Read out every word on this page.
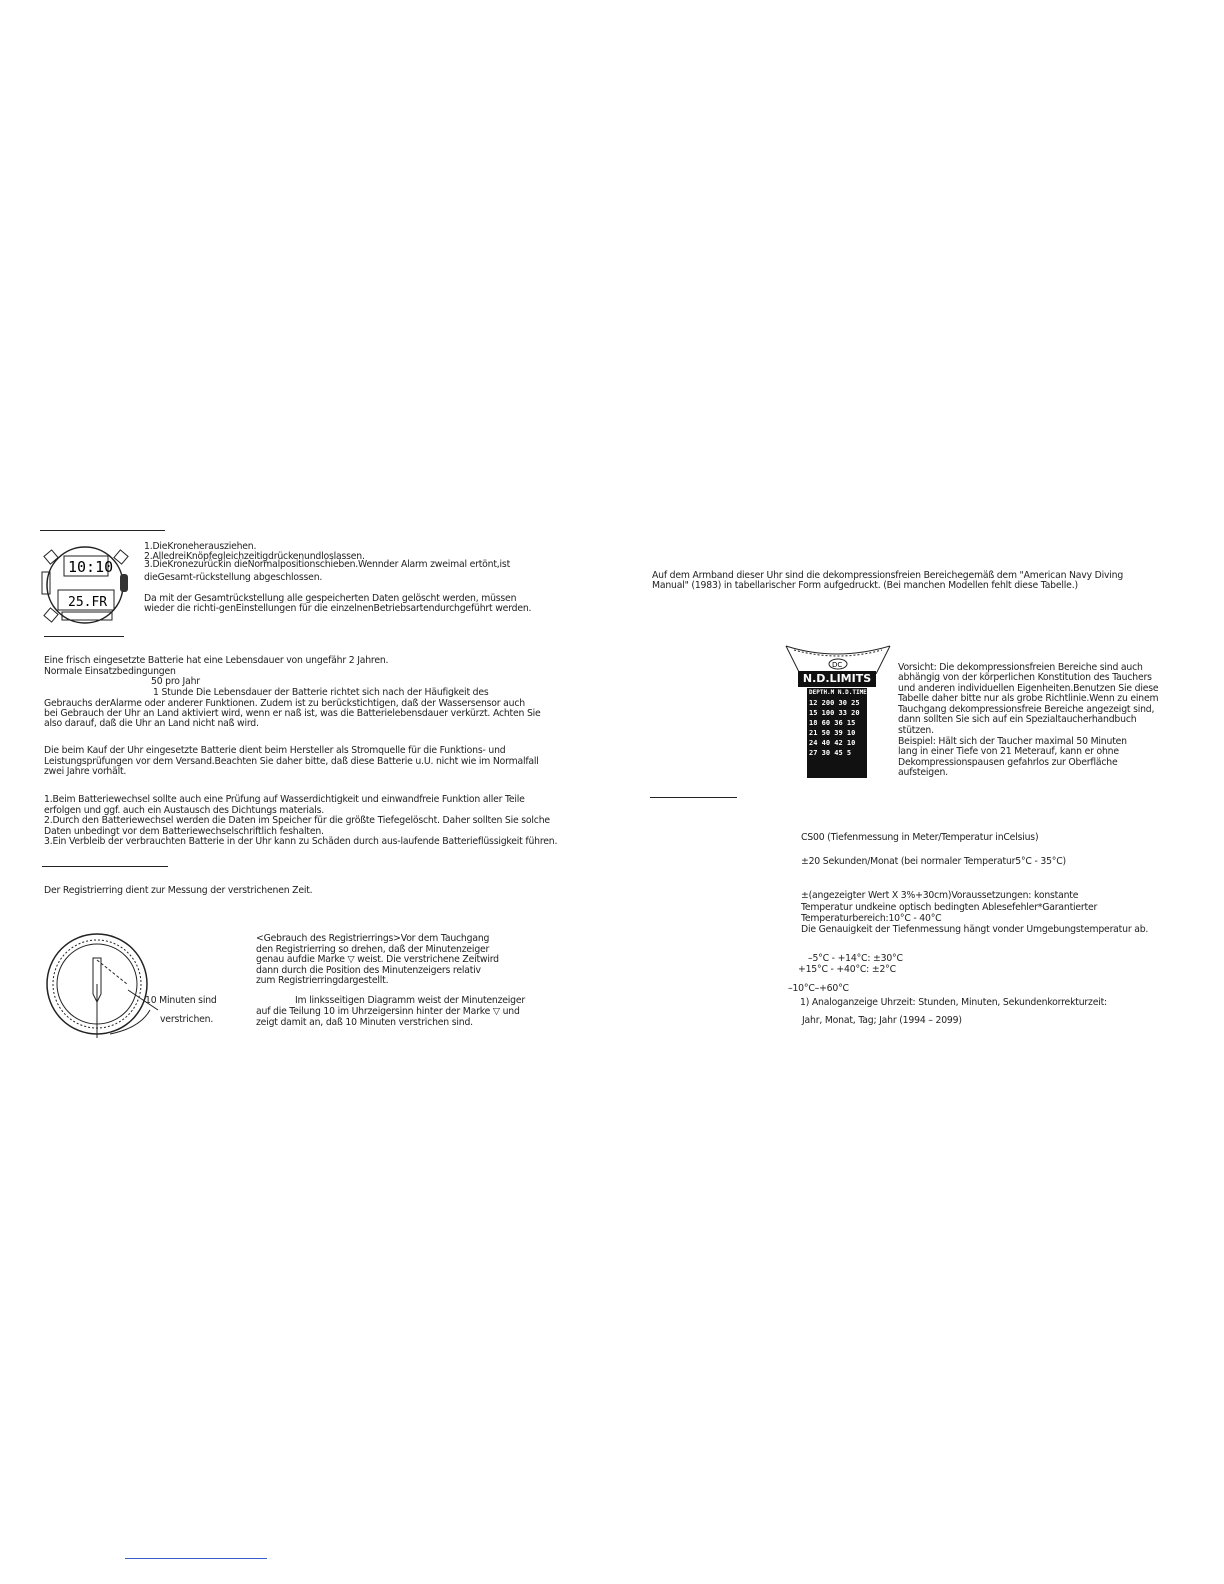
10:10
25.FR
1.DieKroneherausziehen.
2.AlledreiKnöpfegleichzeitigdrückenundloslassen.
3.DieKronezurückin dieNormalpositionschieben.Wennder Alarm zweimal ertönt,ist
dieGesamt-rückstellung abgeschlossen.
Da mit der Gesamtrückstellung alle gespeicherten Daten gelöscht werden, müssen
wieder die richti-genEinstellungen für die einzelnenBetriebsartendurchgeführt werden.
Eine frisch eingesetzte Batterie hat eine Lebensdauer von ungefähr 2 Jahren.
Normale Einsatzbedingungen
50 pro Jahr
1 Stunde Die Lebensdauer der Batterie richtet sich nach der Häufigkeit des
Gebrauchs derAlarme oder anderer Funktionen. Zudem ist zu berückstichtigen, daß der Wassersensor auch
bei Gebrauch der Uhr an Land aktiviert wird, wenn er naß ist, was die Batterielebensdauer verkürzt. Achten Sie
also darauf, daß die Uhr an Land nicht naß wird.
Die beim Kauf der Uhr eingesetzte Batterie dient beim Hersteller als Stromquelle für die Funktions- und
Leistungsprüfungen vor dem Versand.Beachten Sie daher bitte, daß diese Batterie u.U. nicht wie im Normalfall
zwei Jahre vorhält.
1.Beim Batteriewechsel sollte auch eine Prüfung auf Wasserdichtigkeit und einwandfreie Funktion aller Teile
erfolgen und ggf. auch ein Austausch des Dichtungs materials.
2.Durch den Batteriewechsel werden die Daten im Speicher für die größte Tiefegelöscht. Daher sollten Sie solche
Daten unbedingt vor dem Batteriewechselschriftlich feshalten.
3.Ein Verbleib der verbrauchten Batterie in der Uhr kann zu Schäden durch aus-laufende Batterieflüssigkeit führen.
Der Registrierring dient zur Messung der verstrichenen Zeit.
10 Minuten sind
verstrichen.
<Gebrauch des Registrierrings>Vor dem Tauchgang
den Registrierring so drehen, daß der Minutenzeiger
genau aufdie Marke ▽ weist. Die verstrichene Zeitwird
dann durch die Position des Minutenzeigers relativ
zum Registrierringdargestellt.
Im linksseitigen Diagramm weist der Minutenzeiger
auf die Teilung 10 im Uhrzeigersinn hinter der Marke ▽ und
zeigt damit an, daß 10 Minuten verstrichen sind.
Auf dem Armband dieser Uhr sind die dekompressionsfreien Bereichegemäß dem "American Navy Diving
Manual" (1983) in tabellarischer Form aufgedruckt. (Bei manchen Modellen fehlt diese Tabelle.)
DC
N.D.LIMITS
DEPTH.M N.D.TIME
12 200 30 25
15 100 33 20
18 60 36 15
21 50 39 10
24 40 42 10
27 30 45 5
Vorsicht: Die dekompressionsfreien Bereiche sind auch
abhängig von der körperlichen Konstitution des Tauchers
und anderen individuellen Eigenheiten.Benutzen Sie diese
Tabelle daher bitte nur als grobe Richtlinie.Wenn zu einem
Tauchgang dekompressionsfreie Bereiche angezeigt sind,
dann sollten Sie sich auf ein Spezialtaucherhandbuch
stützen.
Beispiel: Hält sich der Taucher maximal 50 Minuten
lang in einer Tiefe von 21 Meterauf, kann er ohne
Dekompressionspausen gefahrlos zur Oberfläche
aufsteigen.
CS00 (Tiefenmessung in Meter/Temperatur inCelsius)
±20 Sekunden/Monat (bei normaler Temperatur5°C - 35°C)
±(angezeigter Wert X 3%+30cm)Voraussetzungen: konstante
Temperatur undkeine optisch bedingten Ablesefehler*Garantierter
Temperaturbereich:10°C - 40°C
Die Genauigkeit der Tiefenmessung hängt vonder Umgebungstemperatur ab.
–5°C - +14°C: ±30°C
+15°C - +40°C: ±2°C
–10°C–+60°C
1) Analoganzeige Uhrzeit: Stunden, Minuten, Sekundenkorrekturzeit:
Jahr, Monat, Tag; Jahr (1994 – 2099)
